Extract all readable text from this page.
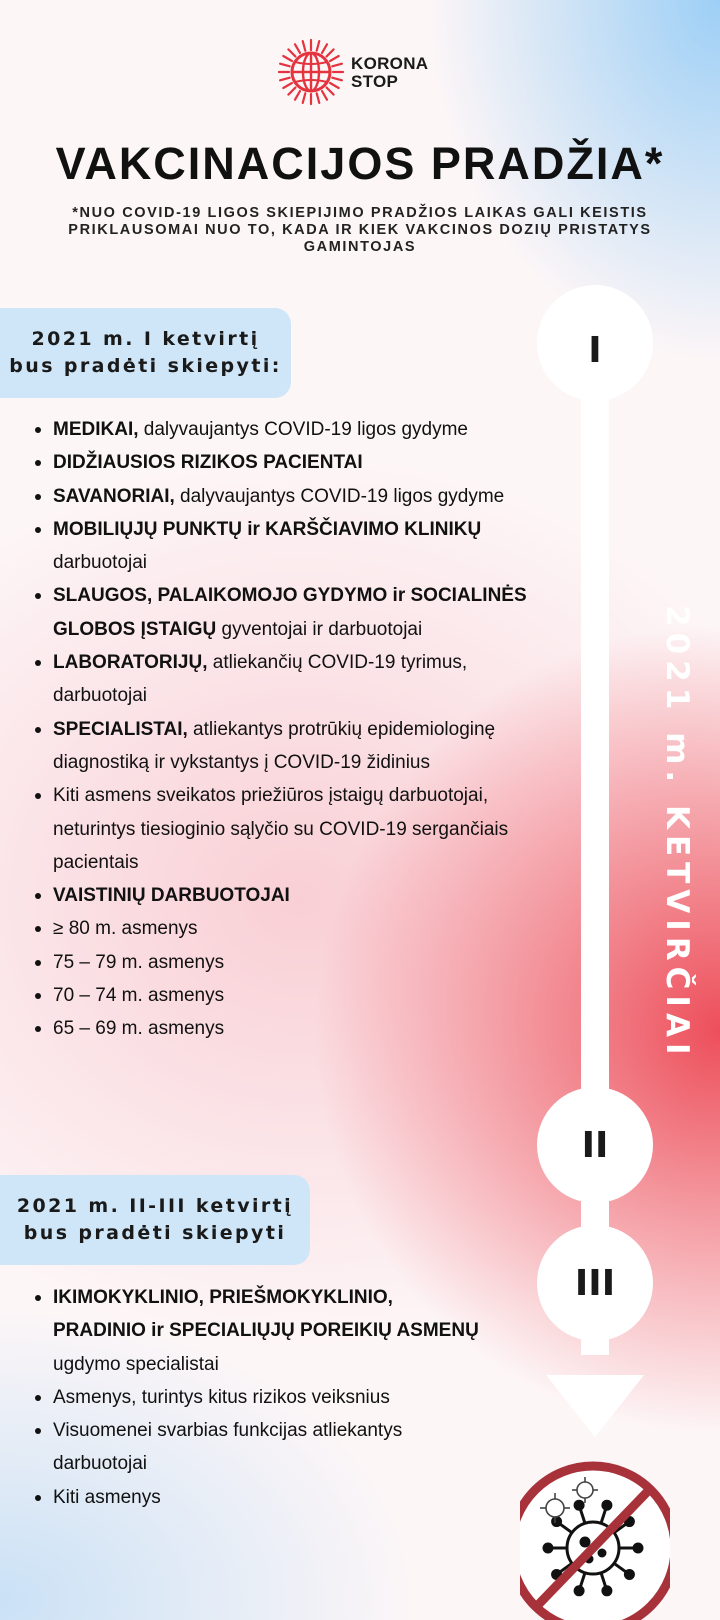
KORONA
STOP
VAKCINACIJOS PRADŽIA*
*NUO COVID-19 LIGOS SKIEPIJIMO PRADŽIOS LAIKAS GALI KEISTIS PRIKLAUSOMAI NUO TO, KADA IR KIEK VAKCINOS DOZIŲ PRISTATYS GAMINTOJAS
I
II
III
2021 m. KETVIRČIAI
2021 m. I ketvirtį
bus pradėti skiepyti:
MEDIKAI, dalyvaujantys COVID-19 ligos gydyme
DIDŽIAUSIOS RIZIKOS PACIENTAI
SAVANORIAI, dalyvaujantys COVID-19 ligos gydyme
MOBILIŲJŲ PUNKTŲ ir KARŠČIAVIMO KLINIKŲ darbuotojai
SLAUGOS, PALAIKOMOJO GYDYMO ir SOCIALINĖS GLOBOS ĮSTAIGŲ gyventojai ir darbuotojai
LABORATORIJŲ, atliekančių COVID-19 tyrimus, darbuotojai
SPECIALISTAI, atliekantys protrūkių epidemiologinę diagnostiką ir vykstantys į COVID-19 židinius
Kiti asmens sveikatos priežiūros įstaigų darbuotojai, neturintys tiesioginio sąlyčio su COVID-19 sergančiais pacientais
VAISTINIŲ DARBUOTOJAI
≥ 80 m. asmenys
75 – 79 m. asmenys
70 – 74 m. asmenys
65 – 69 m. asmenys
2021 m. II-III ketvirtį
bus pradėti skiepyti
IKIMOKYKLINIO, PRIEŠMOKYKLINIO, PRADINIO ir SPECIALIŲJŲ POREIKIŲ ASMENŲ ugdymo specialistai
Asmenys, turintys kitus rizikos veiksnius
Visuomenei svarbias funkcijas atliekantys darbuotojai
Kiti asmenys
